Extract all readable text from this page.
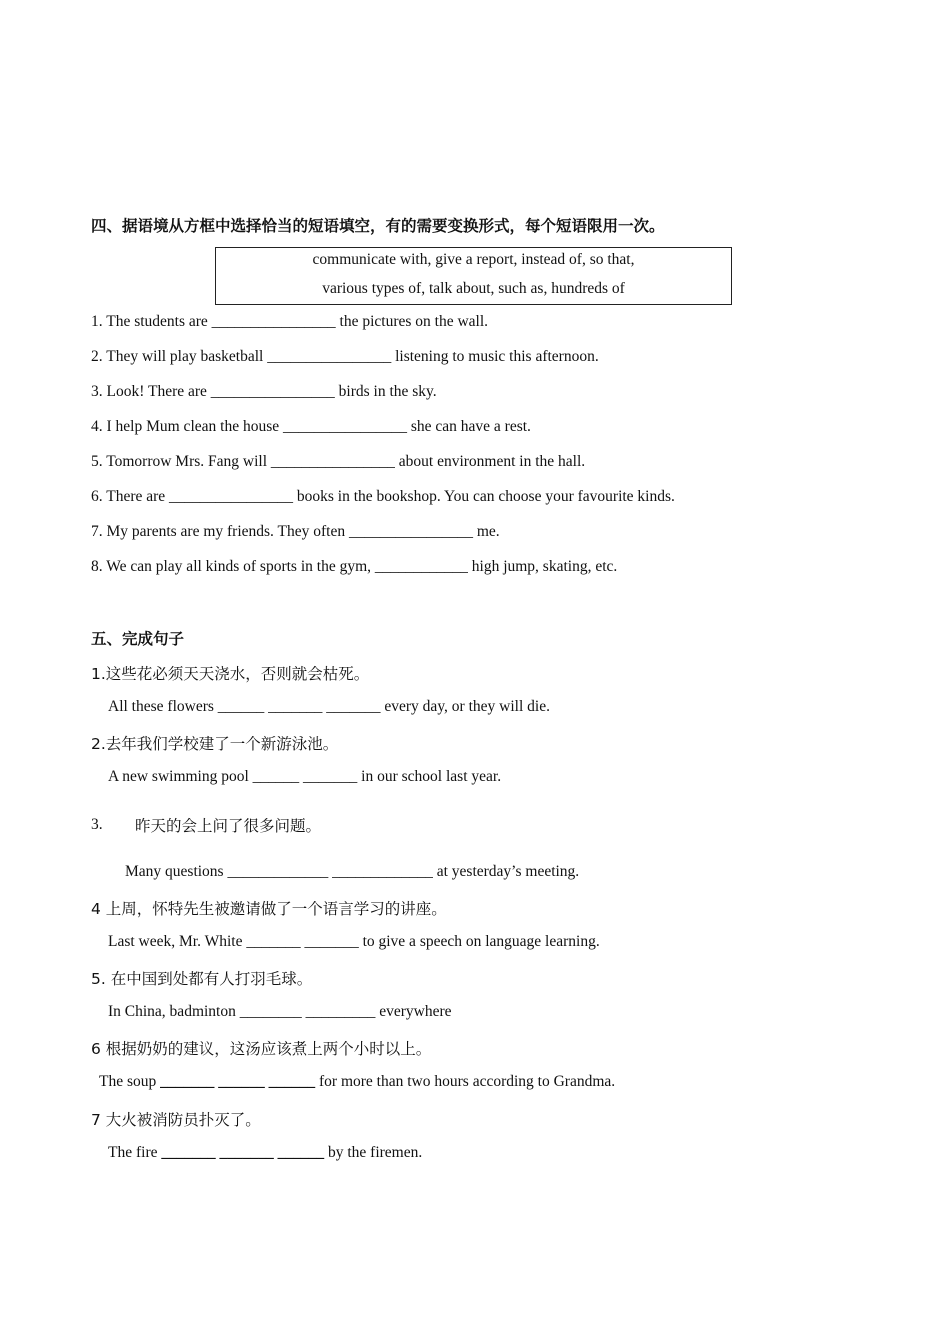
四、据语境从方框中选择恰当的短语填空，有的需要变换形式，每个短语限用一次。
communicate with, give a report, instead of, so that,
various types of, talk about, such as, hundreds of
1. The students are ________________ the pictures on the wall.
2. They will play basketball ________________ listening to music this afternoon.
3. Look! There are ________________ birds in the sky.
4. I help Mum clean the house ________________ she can have a rest.
5. Tomorrow Mrs. Fang will ________________ about environment in the hall.
6. There are ________________ books in the bookshop. You can choose your favourite kinds.
7. My parents are my friends. They often ________________ me.
8. We can play all kinds of sports in the gym, ____________ high jump, skating, etc.
五、完成句子
1.这些花必须天天浇水，否则就会枯死。
All these flowers ______ _______ _______ every day, or they will die.
2.去年我们学校建了一个新游泳池。
A new swimming pool ______ _______ in our school last year.
3. 昨天的会上问了很多问题。
Many questions _____________ _____________ at yesterday’s meeting.
4 上周，怀特先生被邀请做了一个语言学习的讲座。
Last week, Mr. White _______ _______ to give a speech on language learning.
5. 在中国到处都有人打羽毛球。
In China, badminton ________ _________ everywhere
6 根据奶奶的建议，这汤应该煮上两个小时以上。
The soup _______ ______ ______ for more than two hours according to Grandma.
7 大火被消防员扑灭了。
The fire _______ _______ ______ by the firemen.
